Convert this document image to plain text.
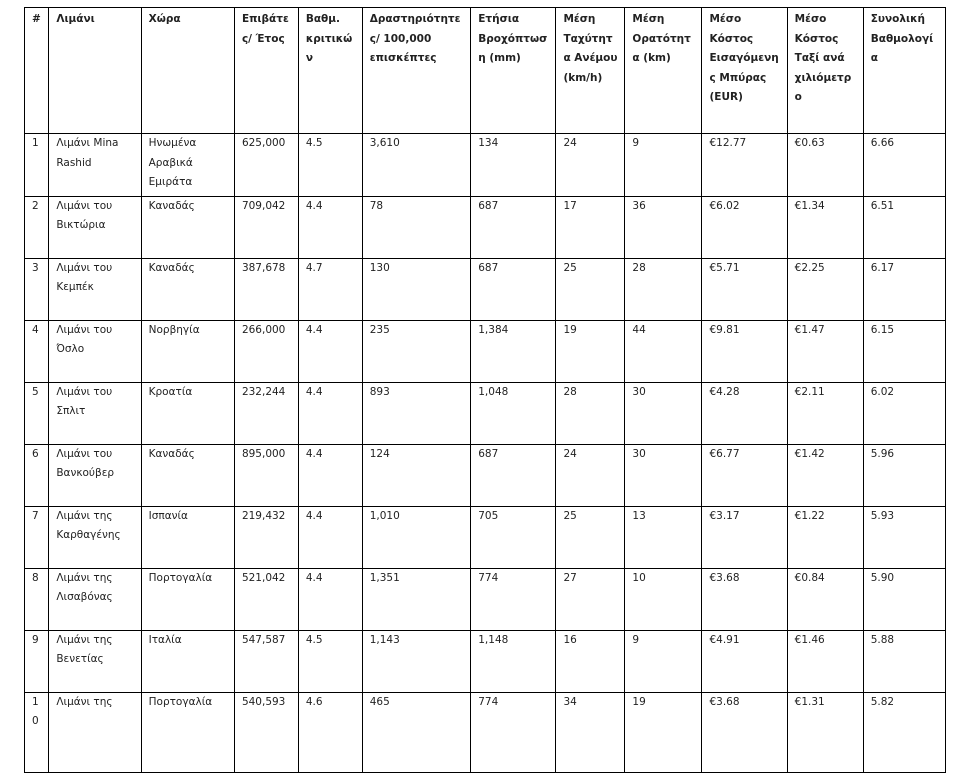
#	Λιμάνι	Χώρα	Επιβάτες/ Έτος	Βαθμ. κριτικών	Δραστηριότητες/ 100,000 επισκέπτες	Ετήσια Βροχόπτωση (mm)	Μέση Ταχύτητα Ανέμου (km/h)	Μέση Ορατότητα (km)	Μέσο Κόστος Εισαγόμενης Μπύρας (EUR)	Μέσο Κόστος Ταξί ανά χιλιόμετρο	Συνολική Βαθμολογία
1	Λιμάνι Mina Rashid	Ηνωμένα Αραβικά Εμιράτα	625,000	4.5	3,610	134	24	9	€12.77	€0.63	6.66
2	Λιμάνι του Βικτώρια	Καναδάς	709,042	4.4	78	687	17	36	€6.02	€1.34	6.51
3	Λιμάνι του Κεμπέκ	Καναδάς	387,678	4.7	130	687	25	28	€5.71	€2.25	6.17
4	Λιμάνι του Όσλο	Νορβηγία	266,000	4.4	235	1,384	19	44	€9.81	€1.47	6.15
5	Λιμάνι του Σπλιτ	Κροατία	232,244	4.4	893	1,048	28	30	€4.28	€2.11	6.02
6	Λιμάνι του Βανκούβερ	Καναδάς	895,000	4.4	124	687	24	30	€6.77	€1.42	5.96
7	Λιμάνι της Καρθαγένης	Ισπανία	219,432	4.4	1,010	705	25	13	€3.17	€1.22	5.93
8	Λιμάνι της Λισαβόνας	Πορτογαλία	521,042	4.4	1,351	774	27	10	€3.68	€0.84	5.90
9	Λιμάνι της Βενετίας	Ιταλία	547,587	4.5	1,143	1,148	16	9	€4.91	€1.46	5.88
10	Λιμάνι της	Πορτογαλία	540,593	4.6	465	774	34	19	€3.68	€1.31	5.82
